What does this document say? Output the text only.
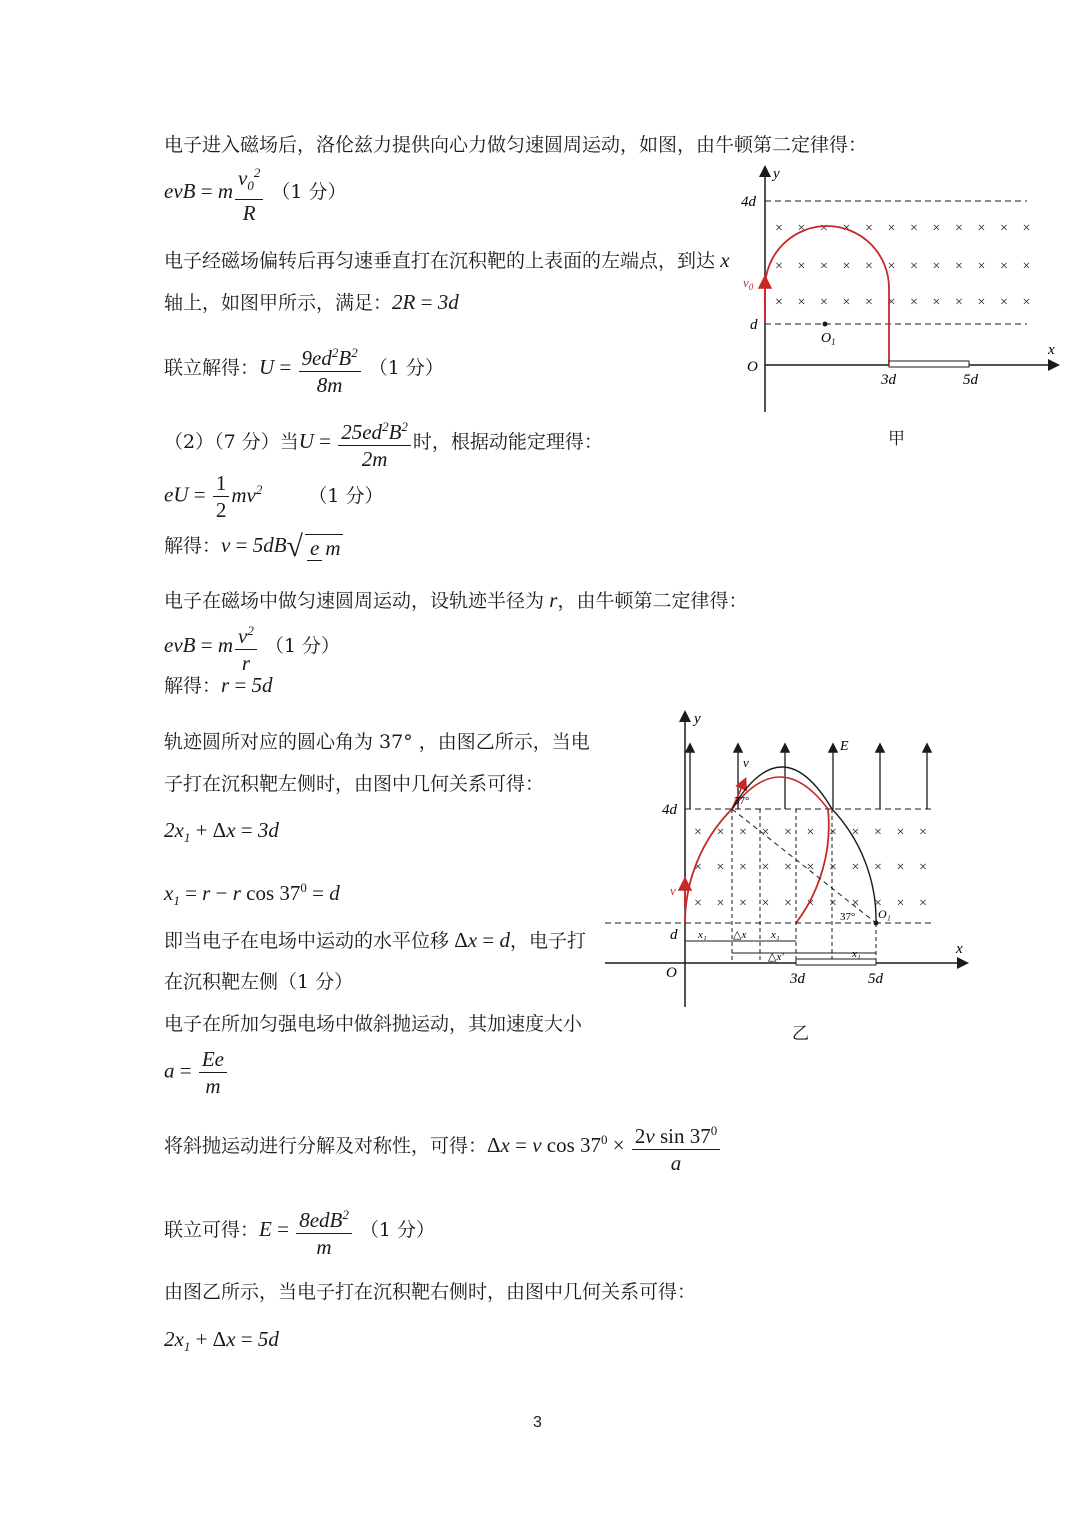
电子进入磁场后，洛伦兹力提供向心力做匀速圆周运动，如图，由牛顿第二定律得：
evB = m $\frac{v_0^2}{R} (1$ 分）
电子经磁场偏转后再匀速垂直打在沉积靶的上表面的左端点，到达 x
轴上，如图甲所示，满足：2R = 3d
联立解得：$U = \frac{9ed^2B^2}{8m} (1$ 分）
（2）（7 分）当$U = \frac{25ed^2B^2}{2m}$ 时，根据动能定理得：
eU = $\frac{1}{2} mv^2$ （1 分）
解得：v = 5dB√ e m
电子在磁场中做匀速圆周运动，设轨迹半径为 r，由牛顿第二定律得：
evB = m $\frac{v^2}{r} (1$ 分）
解得：r = 5d
轨迹圆所对应的圆心角为 37° ，由图乙所示，当电
子打在沉积靶左侧时，由图中几何关系可得：
$2x_1 + \Delta x = 3d$
$x_1 = r - r$ $\cos 37^0 = d$
即当电子在电场中运动的水平位移 Δx = d，电子打
在沉积靶左侧（1 分）
电子在所加匀强电场中做斜抛运动，其加速度大小
$a = \frac{Ee}{m}$
将斜抛运动进行分解及对称性，可得：Δx = v $\cos 37^0 \times \frac{2v \sin 37^0}{a}$
联立可得：$E = \frac{8edB^2}{m} (1$ 分）
由图乙所示，当电子打在沉积靶右侧时，由图中几何关系可得：
$2x_1 + \Delta x = 5d$
× × × × × × × × × × × ×
× × × × × × × × × × × ×
× × × × × × × × × × × ×
y
x
O
d
4d
3d	5d
$v_0$
$O_1$
甲
× × × × × × × × × × ×
× × × × × × × × × × ×
× × × × × × × × × × ×
y
x
O
d
4d
3d	5d
v
v
E
37°
37° O₁
x₁ △x x₁
△x'	x₁
乙
3
